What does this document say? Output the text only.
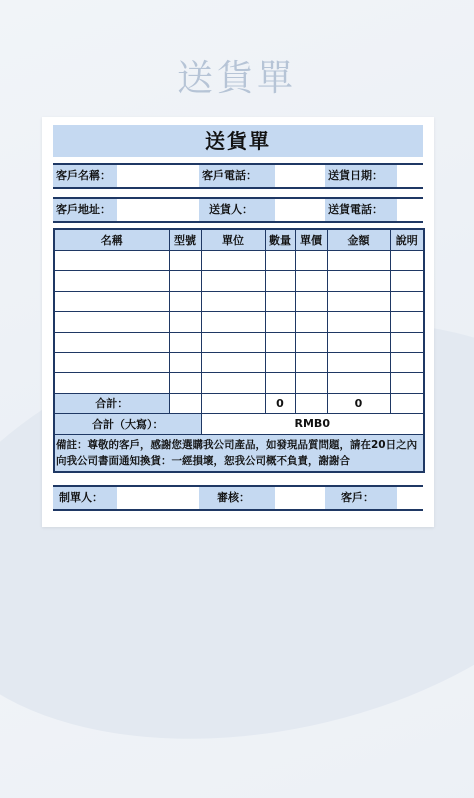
送貨單
送貨單
客戶名稱：	客戶電話：	送貨日期：
客戶地址：	送貨人：	送貨電話：
名稱	型號	單位	數量	單價	金額	說明

合計：			0		0	
合計（大寫）：		RMB0				
備註：尊敬的客戶，感謝您選購我公司產品，如發現品質問題，請在20日之內向我公司書面通知換貨：一經損壞，恕我公司概不負責，謝謝合						
制單人：	審核：	客戶：
